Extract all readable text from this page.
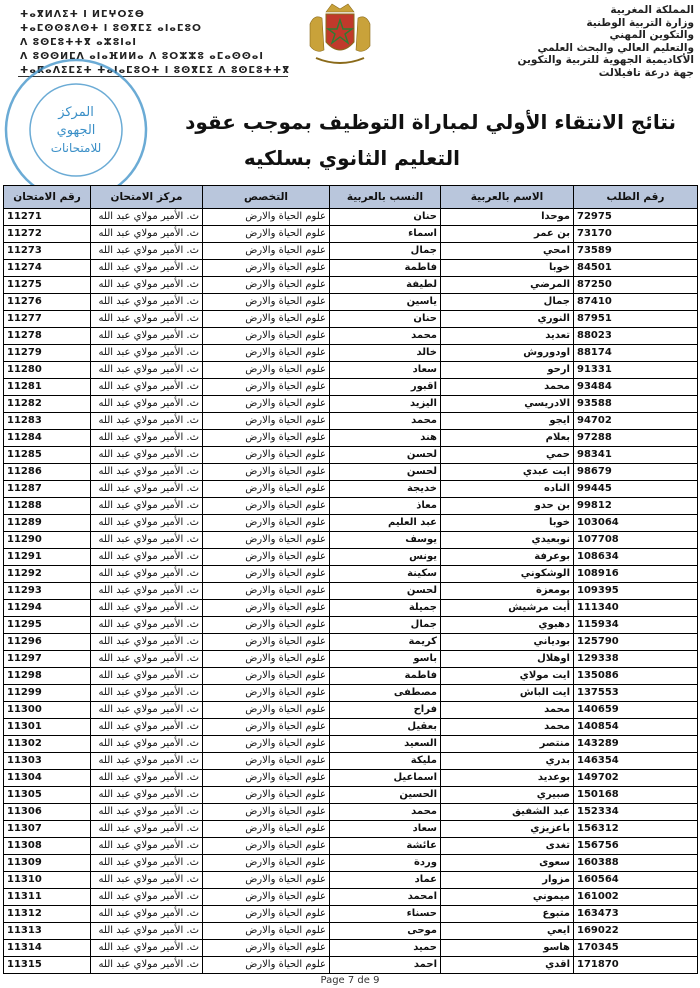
المملكة المغربية
وزارة التربية الوطنية
والتكوين المهني
والتعليم العالي والبحث العلمي
الأكاديمية الجهوية للتربية والتكوين
جهة درعة تافيلالت
ⵜⴰⴳⵍⴷⵉⵜ ⵏ ⵍⵎⵖⵔⵉⴱ
ⵜⴰⵎⵙⵙⵓⴷⵙⵜ ⵏ ⵓⵙⴳⵎⵉ ⴰⵏⴰⵎⵓⵔ
ⴷ ⵓⵙⵎⵓⵜⵜⴳ ⴰⵣⵓⵏⴰⵏ
ⴷ ⵓⵙⵙⵍⵎⴷ ⴰⵏⴰⴼⵍⵍⴰ ⴷ ⵓⵔⵣⵣⵓ ⴰⵎⴰⵙⵙⴰⵏ
ⵜⴰⴽⴰⴷⵉⵎⵉⵜ ⵜⴰⵏⴰⵎⵓⵔⵜ ⵏ ⵓⵙⴳⵎⵉ ⴷ ⵓⵙⵎⵓⵜⵜⴳ
المركز
الجهوي
للامتحانات
نتائج الانتقاء الأولي لمباراة التوظيف بموجب عقود
التعليم الثانوي بسلكيه
رقم الامتحان	مركز الامتحان	التخصص	النسب بالعربية	الاسم بالعربية	رقم الطلب
11271	ث. الأمير مولاي عبد الله	علوم الحياة والارض	حنان	موحدا	72975
11272	ث. الأمير مولاي عبد الله	علوم الحياة والارض	اسماء	بن عمر	73170
11273	ث. الأمير مولاي عبد الله	علوم الحياة والارض	جمال	امحي	73589
11274	ث. الأمير مولاي عبد الله	علوم الحياة والارض	فاطمة	خوبا	84501
11275	ث. الأمير مولاي عبد الله	علوم الحياة والارض	لطيفة	المرضي	87250
11276	ث. الأمير مولاي عبد الله	علوم الحياة والارض	ياسين	جمال	87410
11277	ث. الأمير مولاي عبد الله	علوم الحياة والارض	حنان	النوري	87951
11278	ث. الأمير مولاي عبد الله	علوم الحياة والارض	محمد	تعديد	88023
11279	ث. الأمير مولاي عبد الله	علوم الحياة والارض	خالد	اودوروش	88174
11280	ث. الأمير مولاي عبد الله	علوم الحياة والارض	سعاد	ارحو	91331
11281	ث. الأمير مولاي عبد الله	علوم الحياة والارض	اقبور	محمد	93484
11282	ث. الأمير مولاي عبد الله	علوم الحياة والارض	اليزيد	الادريسي	93588
11283	ث. الأمير مولاي عبد الله	علوم الحياة والارض	محمد	ايجو	94702
11284	ث. الأمير مولاي عبد الله	علوم الحياة والارض	هند	بعلام	97288
11285	ث. الأمير مولاي عبد الله	علوم الحياة والارض	لحسن	حمي	98341
11286	ث. الأمير مولاي عبد الله	علوم الحياة والارض	لحسن	ايت عبدي	98679
11287	ث. الأمير مولاي عبد الله	علوم الحياة والارض	خديجة	الناده	99445
11288	ث. الأمير مولاي عبد الله	علوم الحياة والارض	معاذ	بن حدو	99812
11289	ث. الأمير مولاي عبد الله	علوم الحياة والارض	عبد العليم	خوبا	103064
11290	ث. الأمير مولاي عبد الله	علوم الحياة والارض	يوسف	نوبعيدي	107708
11291	ث. الأمير مولاي عبد الله	علوم الحياة والارض	يونس	بوعرفة	108634
11292	ث. الأمير مولاي عبد الله	علوم الحياة والارض	سكينة	الوشكوني	108916
11293	ث. الأمير مولاي عبد الله	علوم الحياة والارض	لحسن	بومعزة	109395
11294	ث. الأمير مولاي عبد الله	علوم الحياة والارض	جميلة	أيت مرشيش	111340
11295	ث. الأمير مولاي عبد الله	علوم الحياة والارض	جمال	دهبوي	115934
11296	ث. الأمير مولاي عبد الله	علوم الحياة والارض	كريمة	بودياني	125790
11297	ث. الأمير مولاي عبد الله	علوم الحياة والارض	باسو	اوهلال	129338
11298	ث. الأمير مولاي عبد الله	علوم الحياة والارض	فاطمة	ايت مولاي	135086
11299	ث. الأمير مولاي عبد الله	علوم الحياة والارض	مصطفى	ايت الباش	137553
11300	ث. الأمير مولاي عبد الله	علوم الحياة والارض	فراح	محمد	140659
11301	ث. الأمير مولاي عبد الله	علوم الحياة والارض	بعقيل	محمد	140854
11302	ث. الأمير مولاي عبد الله	علوم الحياة والارض	السعيد	منتصر	143289
11303	ث. الأمير مولاي عبد الله	علوم الحياة والارض	مليكة	بدري	146354
11304	ث. الأمير مولاي عبد الله	علوم الحياة والارض	اسماعيل	بوعديد	149702
11305	ث. الأمير مولاي عبد الله	علوم الحياة والارض	الحسين	صبيري	150168
11306	ث. الأمير مولاي عبد الله	علوم الحياة والارض	محمد	عبد الشفيق	152334
11307	ث. الأمير مولاي عبد الله	علوم الحياة والارض	سعاد	باعزيزي	156312
11308	ث. الأمير مولاي عبد الله	علوم الحياة والارض	عائشة	تغدى	156756
11309	ث. الأمير مولاي عبد الله	علوم الحياة والارض	وردة	سعوى	160388
11310	ث. الأمير مولاي عبد الله	علوم الحياة والارض	عماد	مزوار	160564
11311	ث. الأمير مولاي عبد الله	علوم الحياة والارض	امحمد	ميموني	161002
11312	ث. الأمير مولاي عبد الله	علوم الحياة والارض	حسناء	متبوع	163473
11313	ث. الأمير مولاي عبد الله	علوم الحياة والارض	موحى	ايعي	169022
11314	ث. الأمير مولاي عبد الله	علوم الحياة والارض	حميد	هاسو	170345
11315	ث. الأمير مولاي عبد الله	علوم الحياة والارض	احمد	اقدي	171870
Page 7 de 9
